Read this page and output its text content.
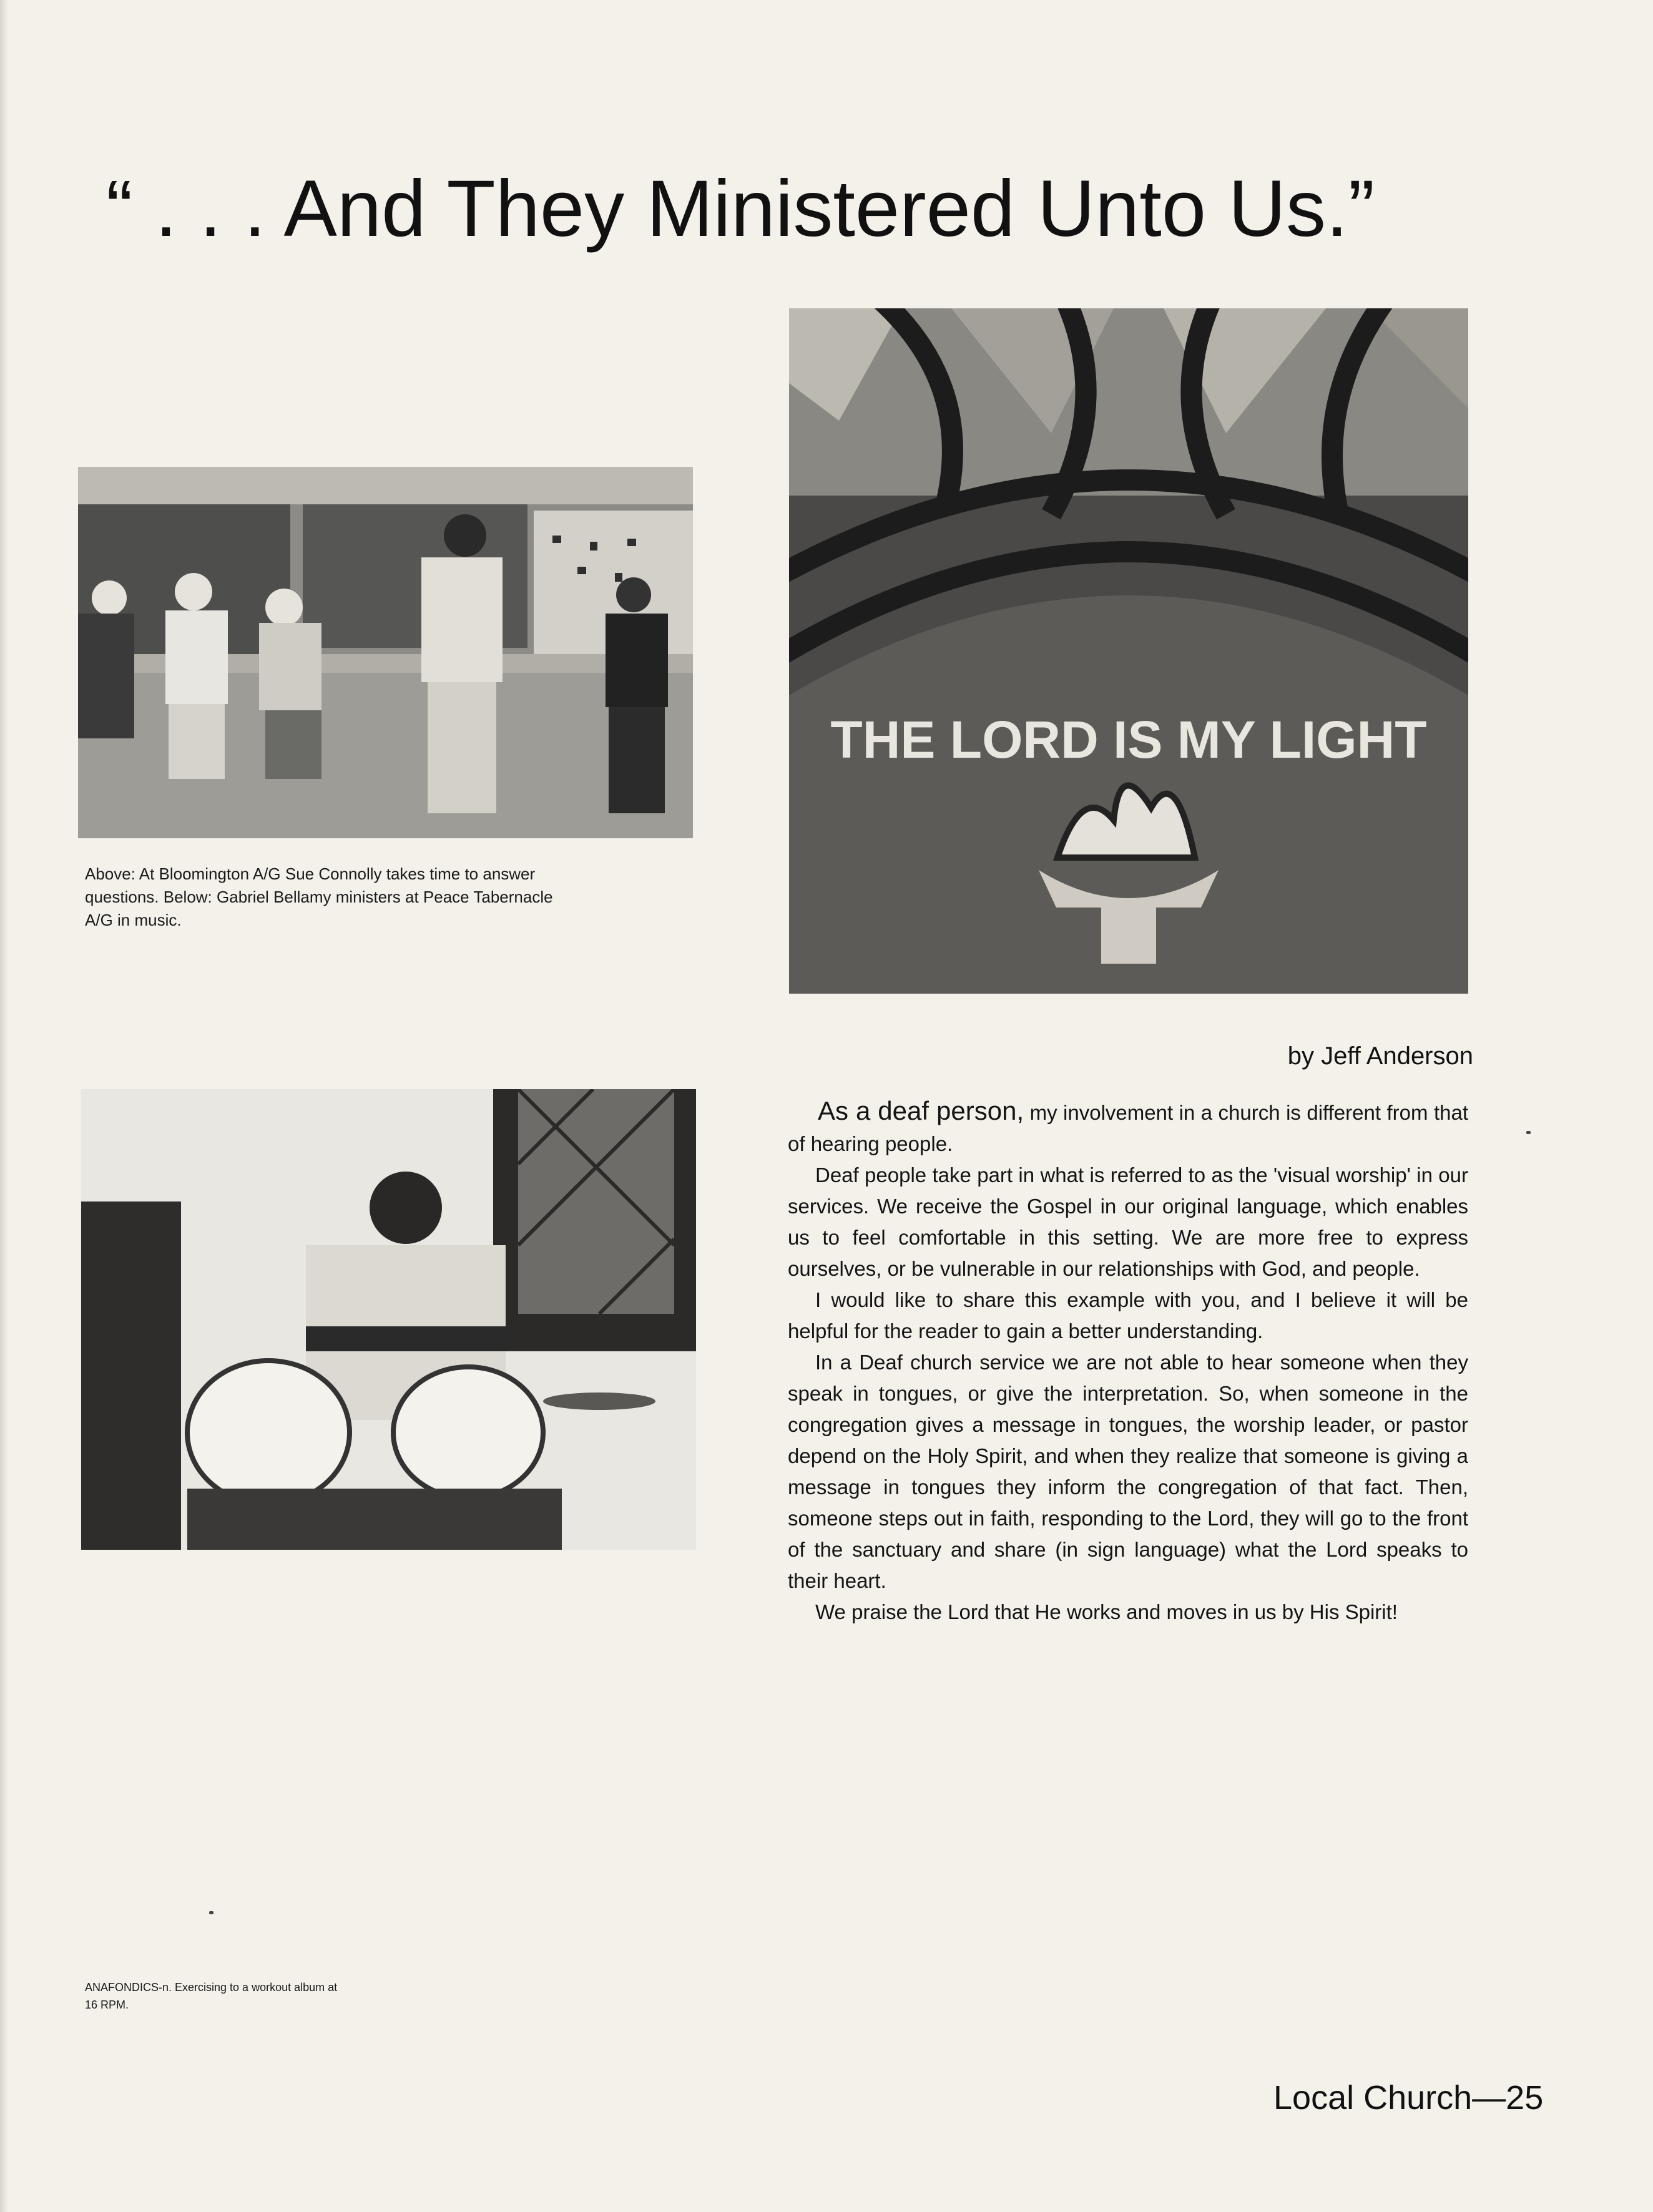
“ . . . And They Ministered Unto Us.”
THE LORD IS MY LIGHT
Above: At Bloomington A/G Sue Connolly takes time to answer questions. Below: Gabriel Bellamy ministers at Peace Tabernacle A/G in music.
by Jeff Anderson

As a deaf person, my involvement in a church is different from that of hearing people.

Deaf people take part in what is referred to as the 'visual worship' in our services. We receive the Gospel in our original language, which enables us to feel comfortable in this setting. We are more free to express ourselves, or be vulnerable in our relationships with God, and people.

I would like to share this example with you, and I believe it will be helpful for the reader to gain a better understanding.

In a Deaf church service we are not able to hear someone when they speak in tongues, or give the interpretation. So, when someone in the congregation gives a message in tongues, the worship leader, or pastor depend on the Holy Spirit, and when they realize that someone is giving a message in tongues they inform the congregation of that fact. Then, someone steps out in faith, responding to the Lord, they will go to the front of the sanctuary and share (in sign language) what the Lord speaks to their heart.

We praise the Lord that He works and moves in us by His Spirit!

ANAFONDICS-n. Exercising to a workout album at 16 RPM.
Local Church—25
